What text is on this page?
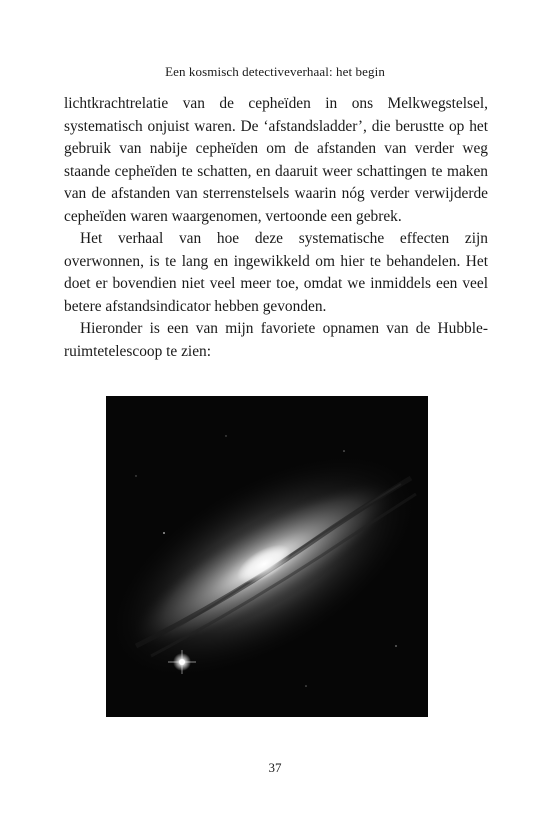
Een kosmisch detectiveverhaal: het begin

lichtkrachtrelatie van de cepheïden in ons Melkwegstelsel, systematisch onjuist waren. De ‘afstandsladder’, die berustte op het gebruik van nabije cepheïden om de afstanden van verder weg staande cepheïden te schatten, en daaruit weer schattingen te maken van de afstanden van sterrenstelsels waarin nóg verder verwijderde cepheïden waren waargenomen, vertoonde een gebrek.

Het verhaal van hoe deze systematische effecten zijn overwonnen, is te lang en ingewikkeld om hier te behandelen. Het doet er bovendien niet veel meer toe, omdat we inmiddels een veel betere afstandsindicator hebben gevonden.

Hieronder is een van mijn favoriete opnamen van de Hubble-ruimtetelescoop te zien:

37
